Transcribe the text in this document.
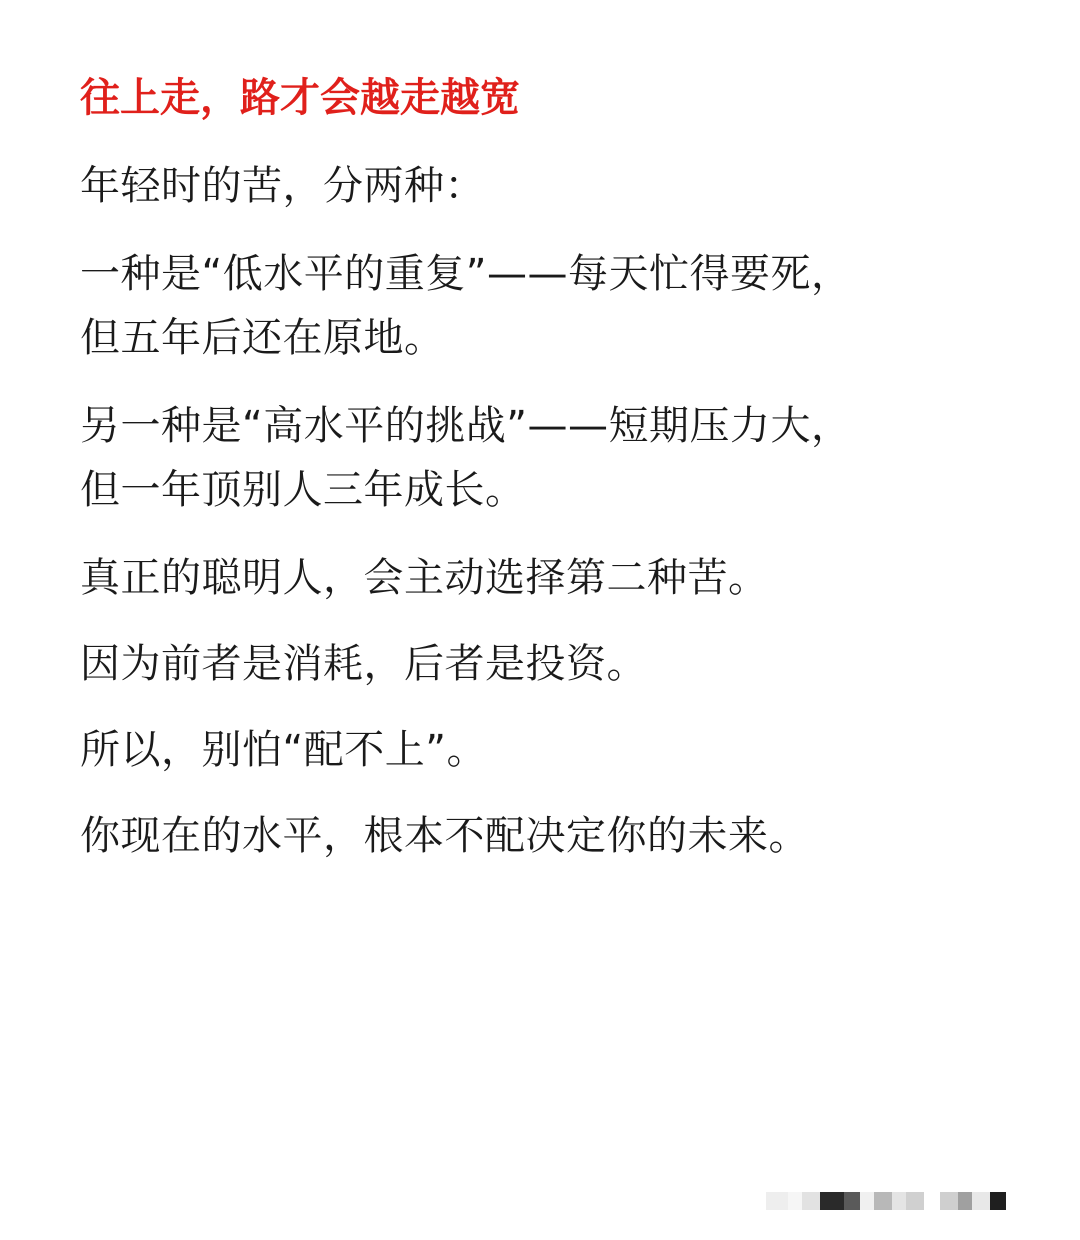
往上走，路才会越走越宽

年轻时的苦，分两种：

一种是“低水平的重复”——每天忙得要死，
但五年后还在原地。

另一种是“高水平的挑战”——短期压力大，
但一年顶别人三年成长。

真正的聪明人，会主动选择第二种苦。

因为前者是消耗，后者是投资。

所以，别怕“配不上”。

你现在的水平，根本不配决定你的未来。
